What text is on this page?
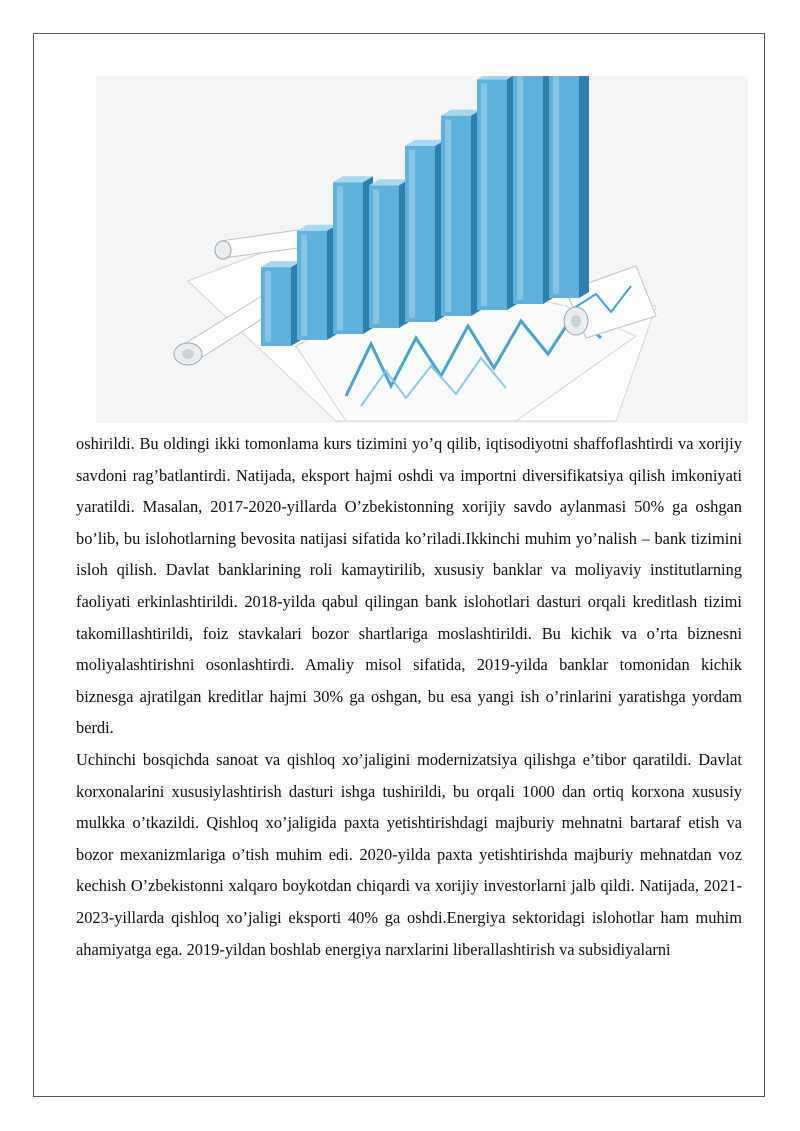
oshirildi. Bu oldingi ikki tomonlama kurs tizimini yo’q qilib, iqtisodiyotni shaffoflashtirdi va xorijiy savdoni rag’batlantirdi. Natijada, eksport hajmi oshdi va importni diversifikatsiya qilish imkoniyati yaratildi. Masalan, 2017-2020-yillarda O’zbekistonning xorijiy savdo aylanmasi 50% ga oshgan bo’lib, bu islohotlarning bevosita natijasi sifatida ko’riladi.Ikkinchi muhim yo’nalish – bank tizimini isloh qilish. Davlat banklarining roli kamaytirilib, xususiy banklar va moliyaviy institutlarning faoliyati erkinlashtirildi. 2018-yilda qabul qilingan bank islohotlari dasturi orqali kreditlash tizimi takomillashtirildi, foiz stavkalari bozor shartlariga moslashtirildi. Bu kichik va o’rta biznesni moliyalashtirishni osonlashtirdi. Amaliy misol sifatida, 2019-yilda banklar tomonidan kichik biznesga ajratilgan kreditlar hajmi 30% ga oshgan, bu esa yangi ish o’rinlarini yaratishga yordam berdi.

Uchinchi bosqichda sanoat va qishloq xo’jaligini modernizatsiya qilishga e’tibor qaratildi. Davlat korxonalarini xususiylashtirish dasturi ishga tushirildi, bu orqali 1000 dan ortiq korxona xususiy mulkka o’tkazildi. Qishloq xo’jaligida paxta yetishtirishdagi majburiy mehnatni bartaraf etish va bozor mexanizmlariga o’tish muhim edi. 2020-yilda paxta yetishtirishda majburiy mehnatdan voz kechish O’zbekistonni xalqaro boykotdan chiqardi va xorijiy investorlarni jalb qildi. Natijada, 2021-2023-yillarda qishloq xo’jaligi eksporti 40% ga oshdi.Energiya sektoridagi islohotlar ham muhim ahamiyatga ega. 2019-yildan boshlab energiya narxlarini liberallashtirish va subsidiyalarni
